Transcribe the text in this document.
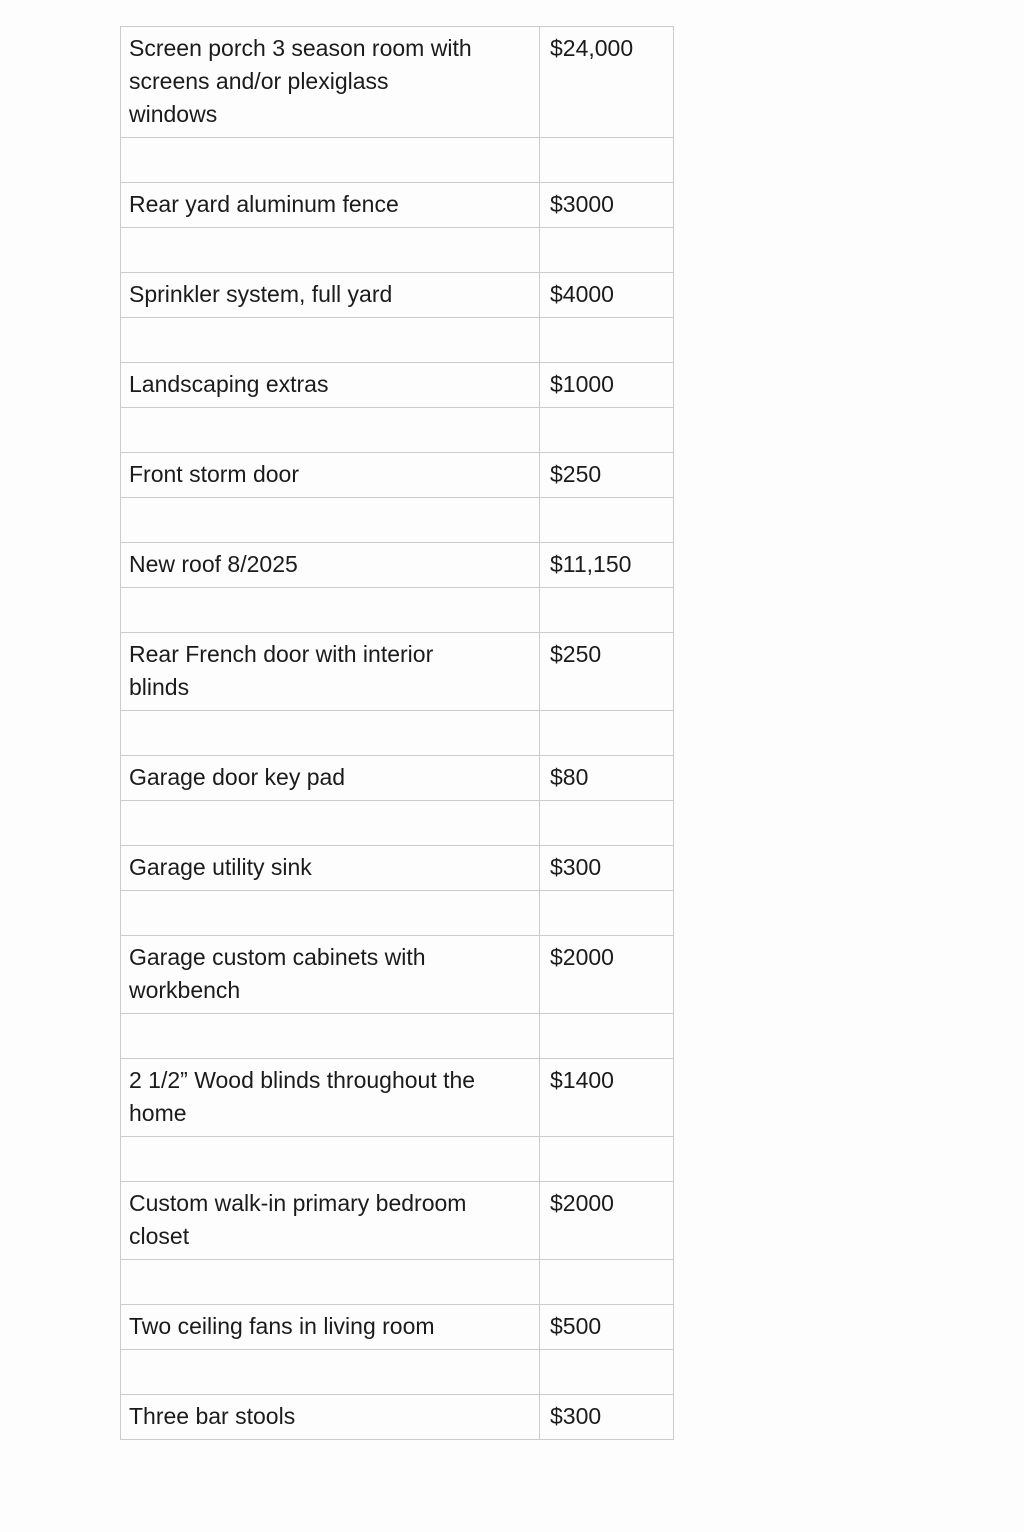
Screen porch 3 season room with screens and/or plexiglass windows	$24,000

Rear yard aluminum fence	$3000

Sprinkler system, full yard	$4000

Landscaping extras	$1000

Front storm door	$250

New roof 8/2025	$11,150

Rear French door with interior blinds	$250

Garage door key pad	$80

Garage utility sink	$300

Garage custom cabinets with workbench	$2000

2 1/2” Wood blinds throughout the home	$1400

Custom walk-in primary bedroom closet	$2000

Two ceiling fans in living room	$500

Three bar stools	$300
